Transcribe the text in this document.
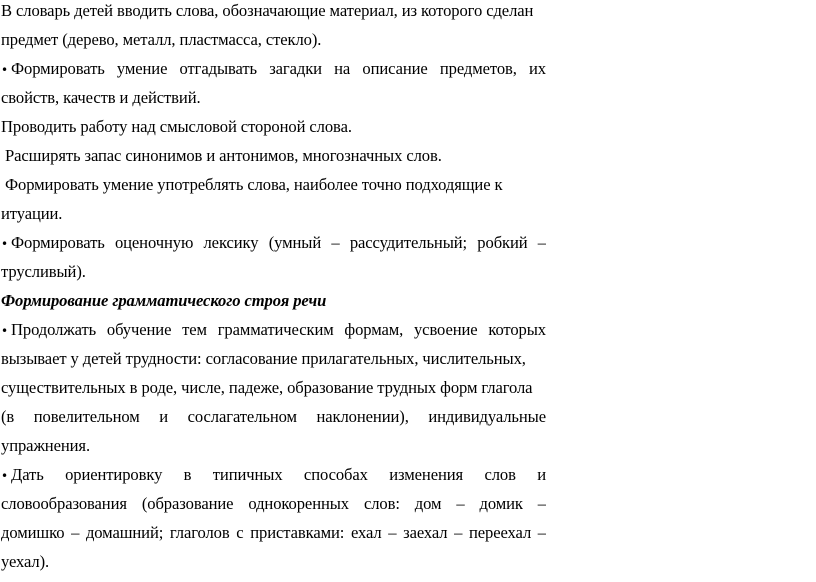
В словарь детей вводить слова, обозначающие материал, из которого сделан
предмет (дерево, металл, пластмасса, стекло).
• Формировать умение отгадывать загадки на описание предметов, их
свойств, качеств и действий.
Проводить работу над смысловой стороной слова.
Расширять запас синонимов и антонимов, многозначных слов.
Формировать умение употреблять слова, наиболее точно подходящие к
итуации.
• Формировать оценочную лексику (умный – рассудительный; робкий –
трусливый).
Формирование грамматического строя речи
• Продолжать обучение тем грамматическим формам, усвоение которых
вызывает у детей трудности: согласование прилагательных, числительных,
существительных в роде, числе, падеже, образование трудных форм глагола
(в повелительном и сослагательном наклонении), индивидуальные
упражнения.
• Дать ориентировку в типичных способах изменения слов и
словообразования (образование однокоренных слов: дом – домик –
домишко – домашний; глаголов с приставками: ехал – заехал – переехал –
уехал).
